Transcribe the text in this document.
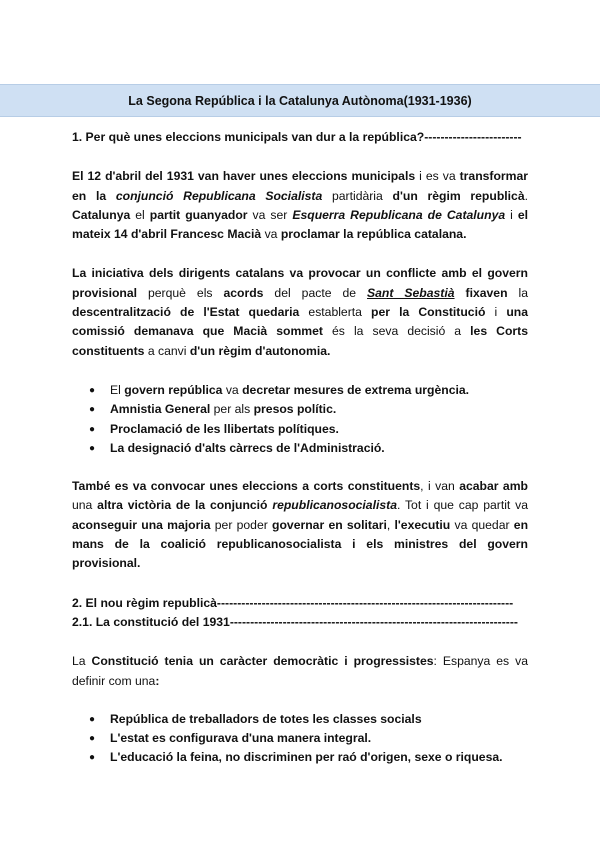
La Segona República i la Catalunya Autònoma(1931-1936)

1. Per què unes eleccions municipals van dur a la república?------------------------

El 12 d'abril del 1931 van haver unes eleccions municipals i es va transformar en la conjunció Republicana Socialista partidària d'un règim republicà. Catalunya el partit guanyador va ser Esquerra Republicana de Catalunya i el mateix 14 d'abril Francesc Macià va proclamar la república catalana.

La iniciativa dels dirigents catalans va provocar un conflicte amb el govern provisional perquè els acords del pacte de Sant Sebastià fixaven la descentralització de l'Estat quedaria establerta per la Constitució i una comissió demanava que Macià sommet és la seva decisió a les Corts constituents a canvi d'un règim d'autonomia.

● El govern república va decretar mesures de extrema urgència.
● Amnistia General per als presos polític.
● Proclamació de les llibertats polítiques.
● La designació d'alts càrrecs de l'Administració.

També es va convocar unes eleccions a corts constituents, i van acabar amb una altra victòria de la conjunció republicanosocialista. Tot i que cap partit va aconseguir una majoria per poder governar en solitari, l'executiu va quedar en mans de la coalició republicanosocialista i els ministres del govern provisional.

2. El nou règim republicà-------------------------------------------------------------------------

2.1. La constitució del 1931-----------------------------------------------------------------------

La Constitució tenia un caràcter democràtic i progressistes: Espanya es va definir com una:

● República de treballadors de totes les classes socials
● L'estat es configurava d'una manera integral.
● L'educació la feina, no discriminen per raó d'origen, sexe o riquesa.
